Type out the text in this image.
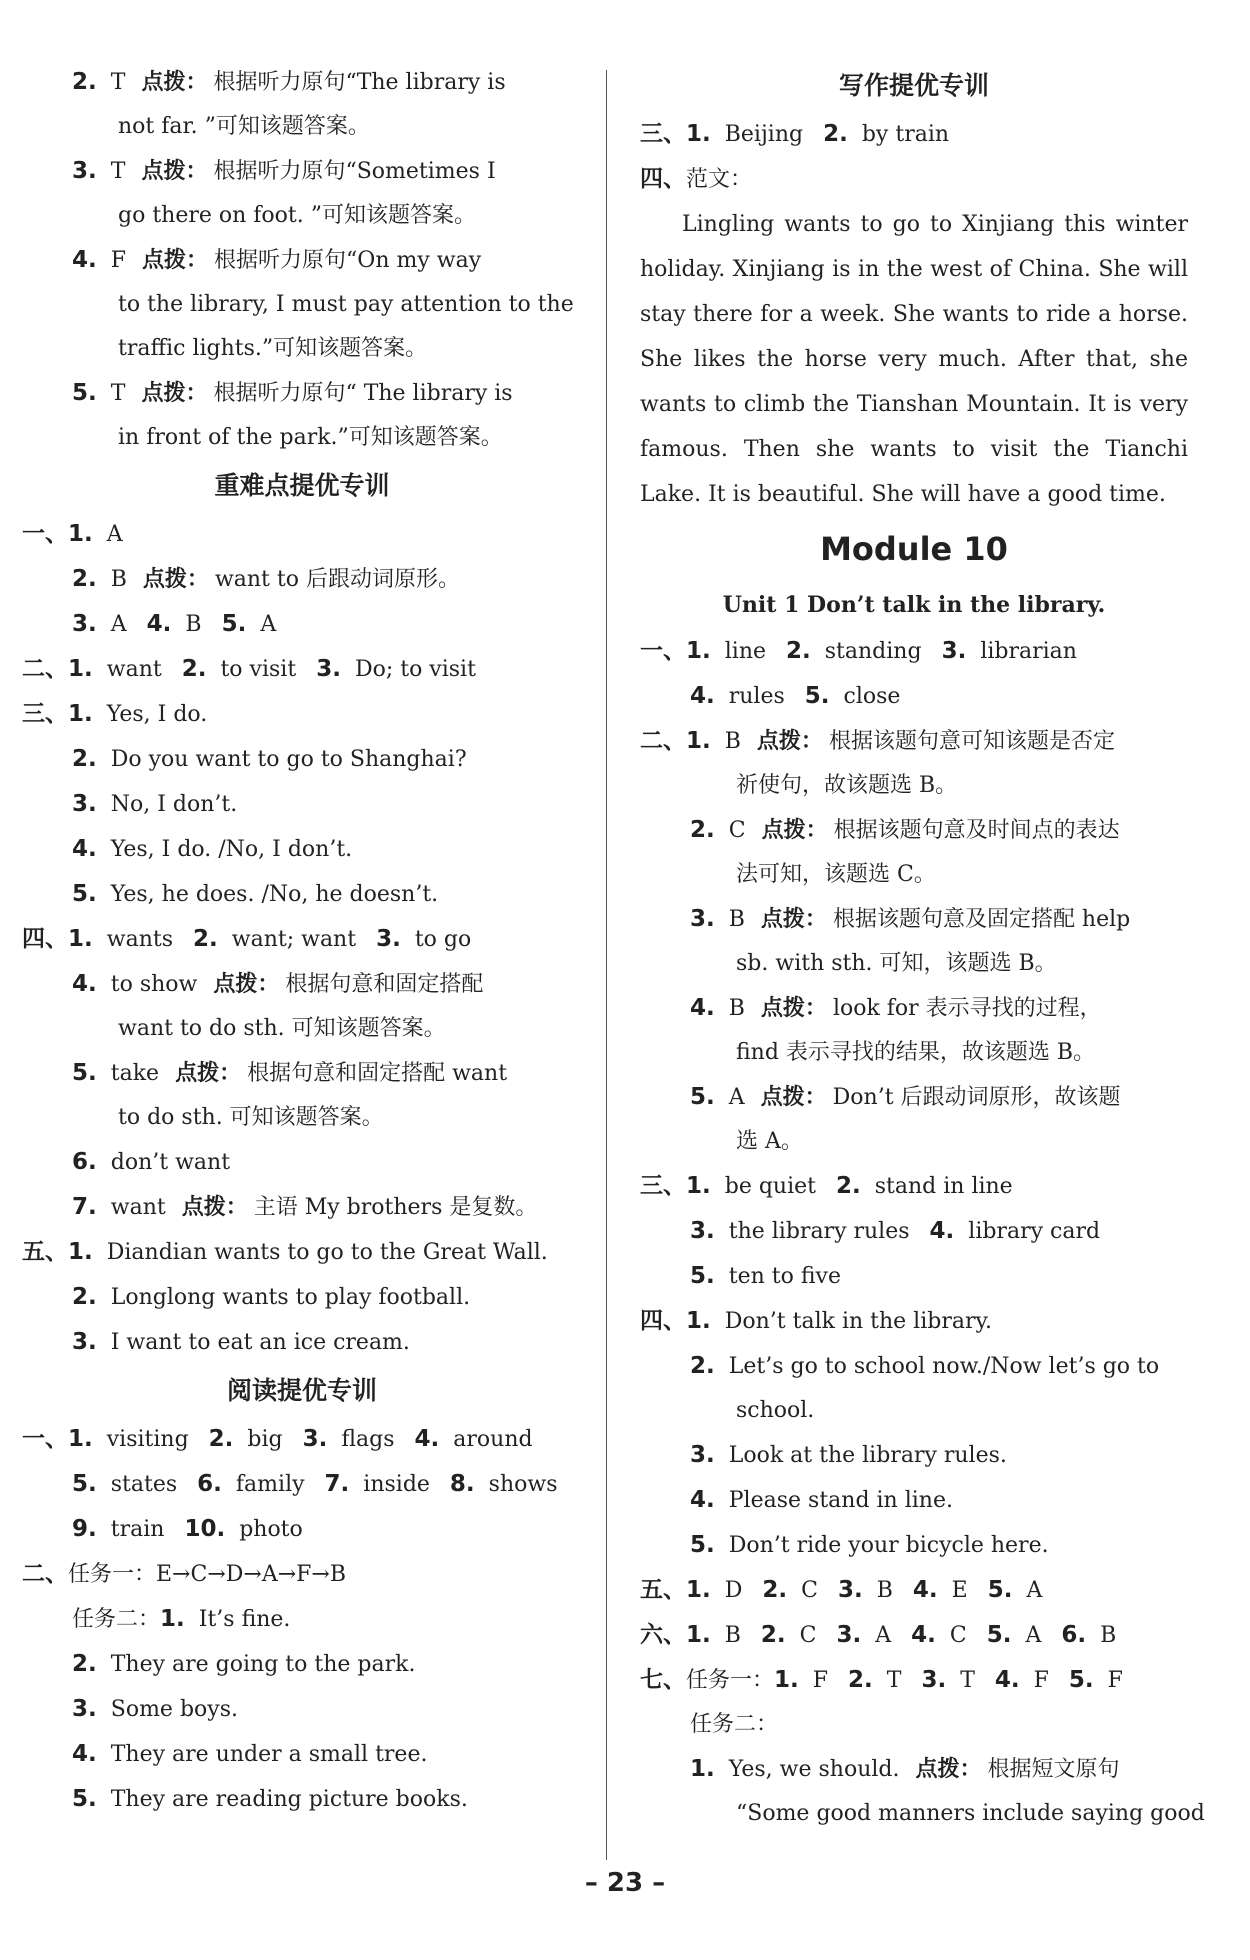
2. T 点拨： 根据听力原句“The library is
not far. ”可知该题答案。
3. T 点拨： 根据听力原句“Sometimes I
go there on foot. ”可知该题答案。
4. F 点拨： 根据听力原句“On my way
to the library, I must pay attention to the
traffic lights.”可知该题答案。
5. T 点拨： 根据听力原句“ The library is
in front of the park.”可知该题答案。
重难点提优专训
一、1. A
2. B 点拨： want to 后跟动词原形。
3. A 4. B 5. A
二、1. want 2. to visit 3. Do; to visit
三、1. Yes, I do.
2. Do you want to go to Shanghai?
3. No, I don’t.
4. Yes, I do. /No, I don’t.
5. Yes, he does. /No, he doesn’t.
四、1. wants 2. want; want 3. to go
4. to show 点拨： 根据句意和固定搭配
want to do sth. 可知该题答案。
5. take 点拨： 根据句意和固定搭配 want
to do sth. 可知该题答案。
6. don’t want
7. want 点拨： 主语 My brothers 是复数。
五、1. Diandian wants to go to the Great Wall.
2. Longlong wants to play football.
3. I want to eat an ice cream.
阅读提优专训
一、1. visiting 2. big 3. flags 4. around
5. states 6. family 7. inside 8. shows
9. train 10. photo
二、任务一：E→C→D→A→F→B
任务二：1. It’s fine.
2. They are going to the park.
3. Some boys.
4. They are under a small tree.
5. They are reading picture books.
写作提优专训
三、1. Beijing 2. by train
四、范文：
Lingling wants to go to Xinjiang this winter holiday. Xinjiang is in the west of China. She will stay there for a week. She wants to ride a horse. She likes the horse very much. After that, she wants to climb the Tianshan Mountain. It is very famous. Then she wants to visit the Tianchi Lake. It is beautiful. She will have a good time.
Module 10
Unit 1 Don’t talk in the library.
一、1. line 2. standing 3. librarian
4. rules 5. close
二、1. B 点拨： 根据该题句意可知该题是否定
祈使句，故该题选 B。
2. C 点拨： 根据该题句意及时间点的表达
法可知，该题选 C。
3. B 点拨： 根据该题句意及固定搭配 help
sb. with sth. 可知，该题选 B。
4. B 点拨： look for 表示寻找的过程，
find 表示寻找的结果，故该题选 B。
5. A 点拨： Don’t 后跟动词原形，故该题
选 A。
三、1. be quiet 2. stand in line
3. the library rules 4. library card
5. ten to five
四、1. Don’t talk in the library.
2. Let’s go to school now./Now let’s go to
school.
3. Look at the library rules.
4. Please stand in line.
5. Don’t ride your bicycle here.
五、1. D 2. C 3. B 4. E 5. A
六、1. B 2. C 3. A 4. C 5. A 6. B
七、任务一：1. F 2. T 3. T 4. F 5. F
任务二：
1. Yes, we should. 点拨： 根据短文原句
“Some good manners include saying good
– 23 –
